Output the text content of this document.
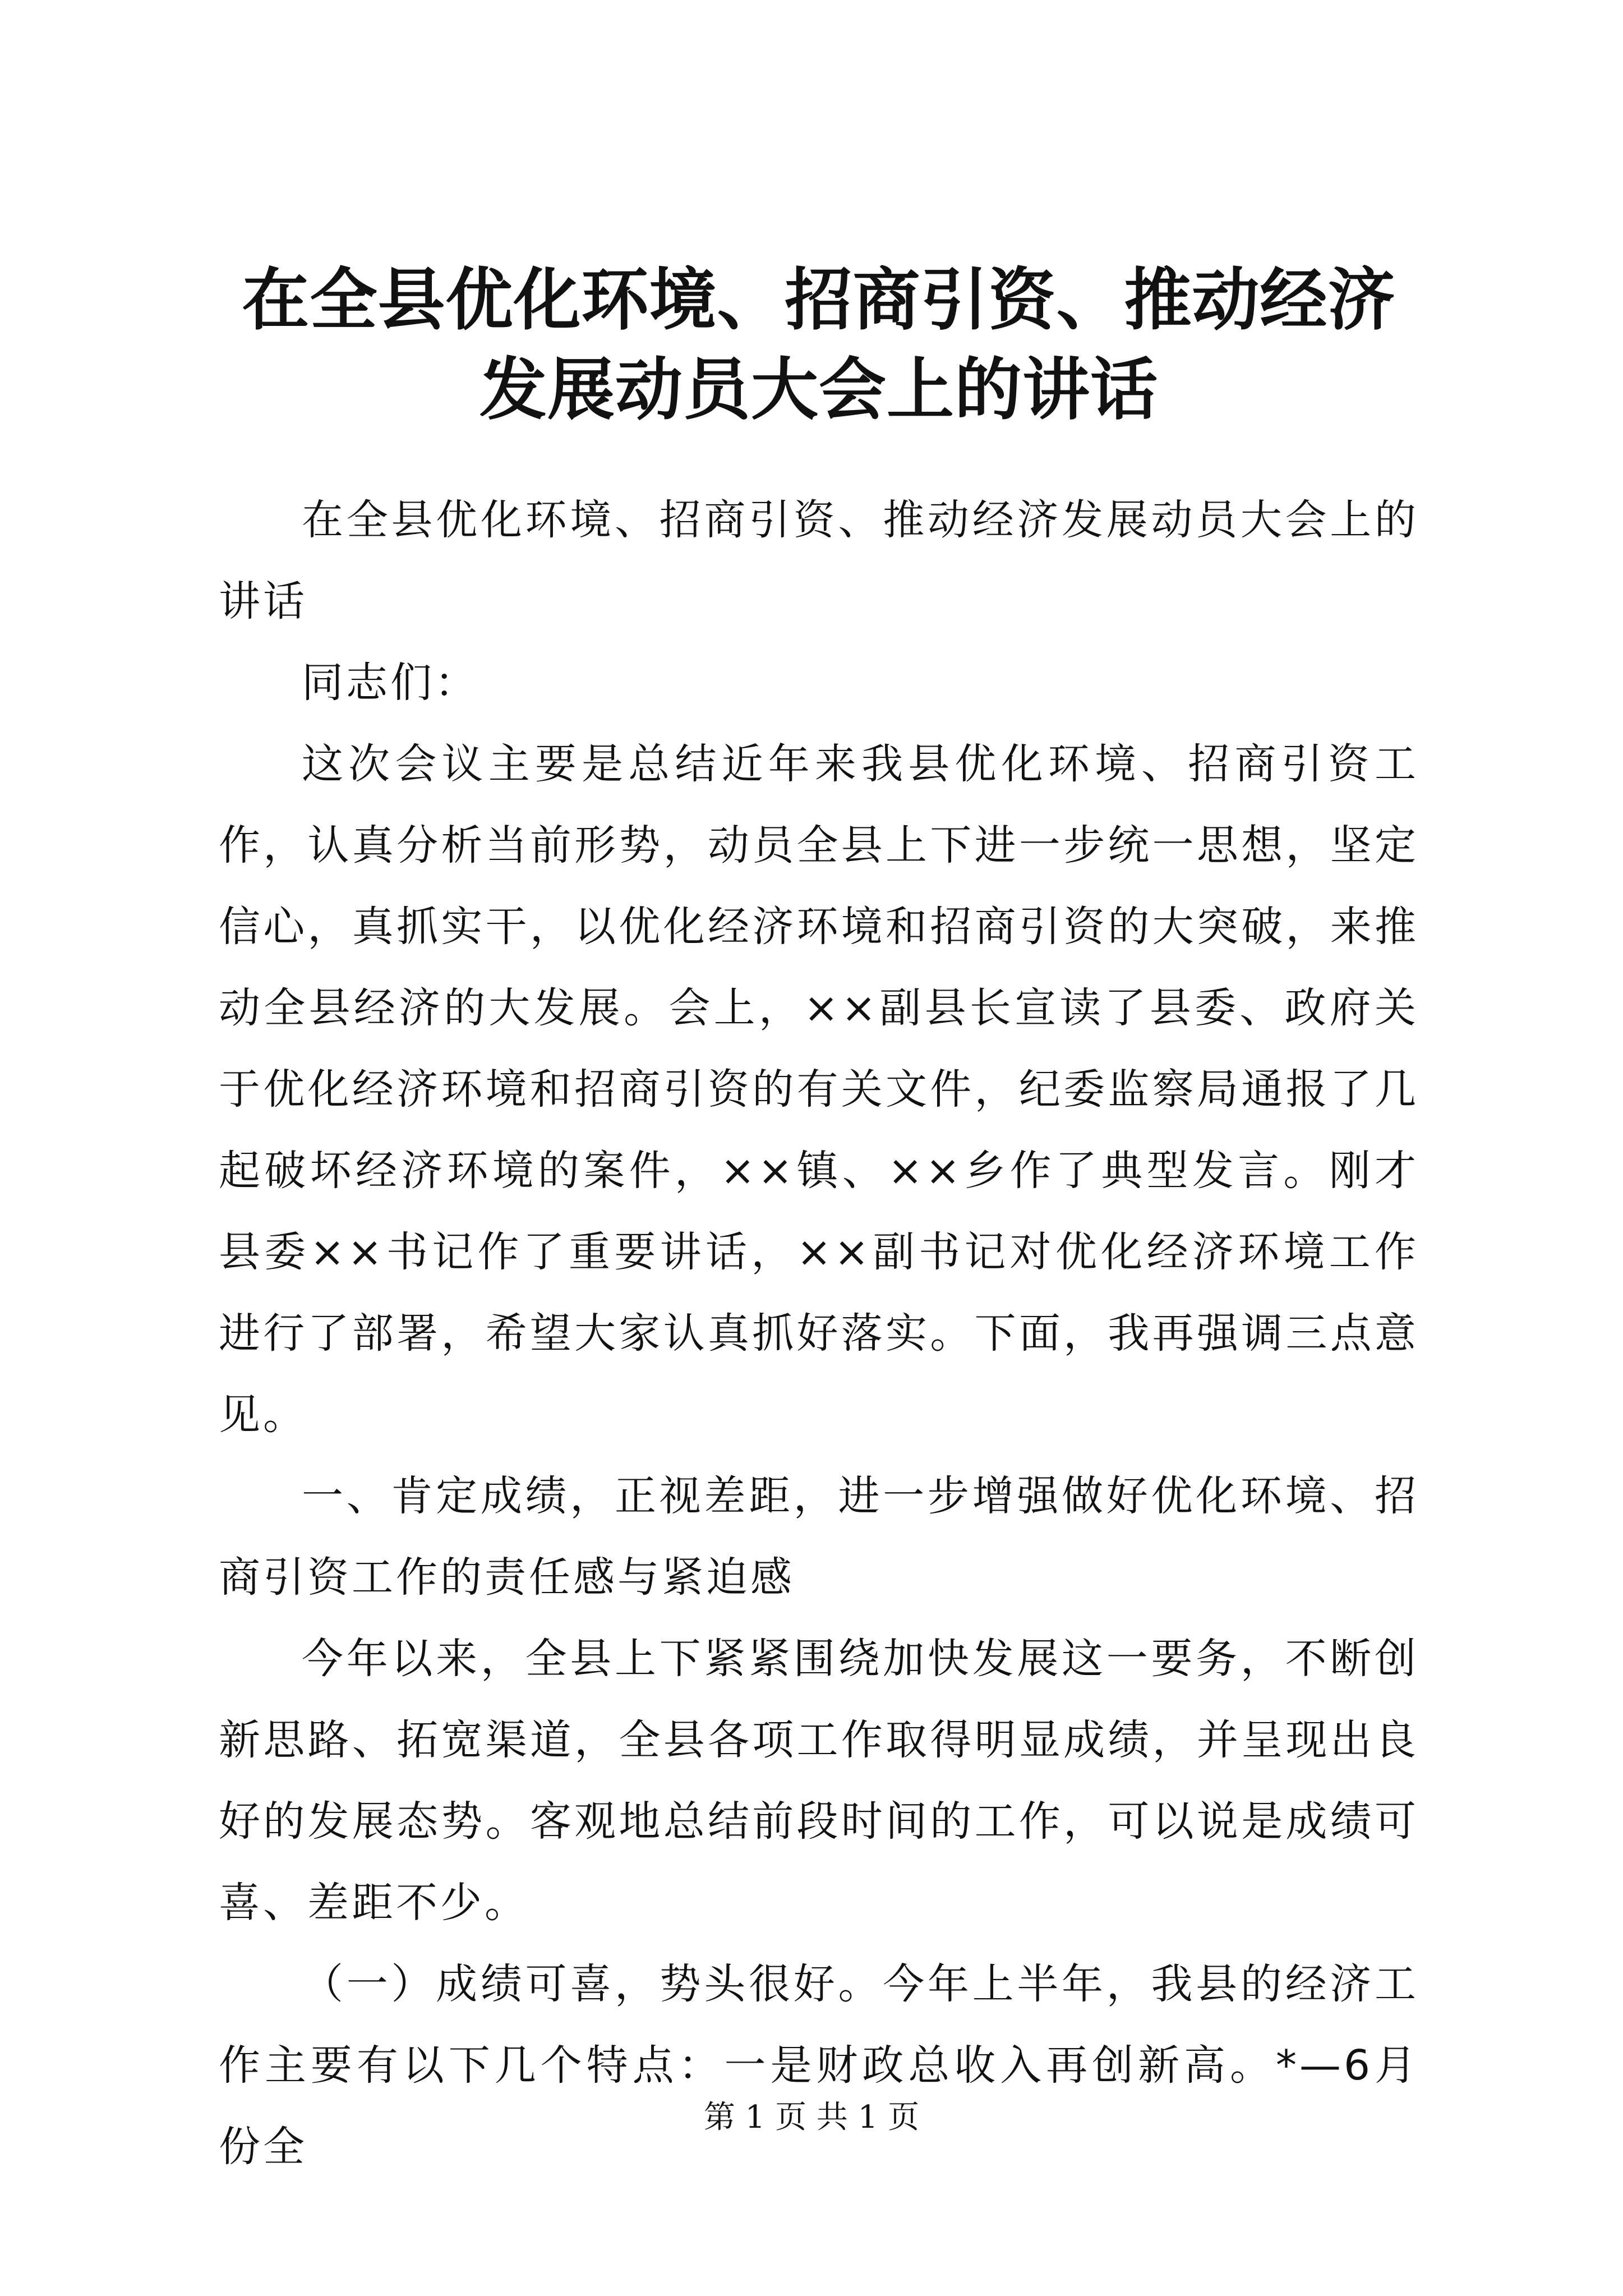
在全县优化环境、招商引资、推动经济发展动员大会上的讲话

在全县优化环境、招商引资、推动经济发展动员大会上的讲话

同志们：

这次会议主要是总结近年来我县优化环境、招商引资工作，认真分析当前形势，动员全县上下进一步统一思想，坚定信心，真抓实干，以优化经济环境和招商引资的大突破，来推动全县经济的大发展。会上，××副县长宣读了县委、政府关于优化经济环境和招商引资的有关文件，纪委监察局通报了几起破坏经济环境的案件，××镇、××乡作了典型发言。刚才县委××书记作了重要讲话，××副书记对优化经济环境工作进行了部署，希望大家认真抓好落实。下面，我再强调三点意见。

一、肯定成绩，正视差距，进一步增强做好优化环境、招商引资工作的责任感与紧迫感

今年以来，全县上下紧紧围绕加快发展这一要务，不断创新思路、拓宽渠道，全县各项工作取得明显成绩，并呈现出良好的发展态势。客观地总结前段时间的工作，可以说是成绩可喜、差距不少。

（一）成绩可喜，势头很好。今年上半年，我县的经济工作主要有以下几个特点：一是财政总收入再创新高。*—6月份全

第 1 页 共 1 页
